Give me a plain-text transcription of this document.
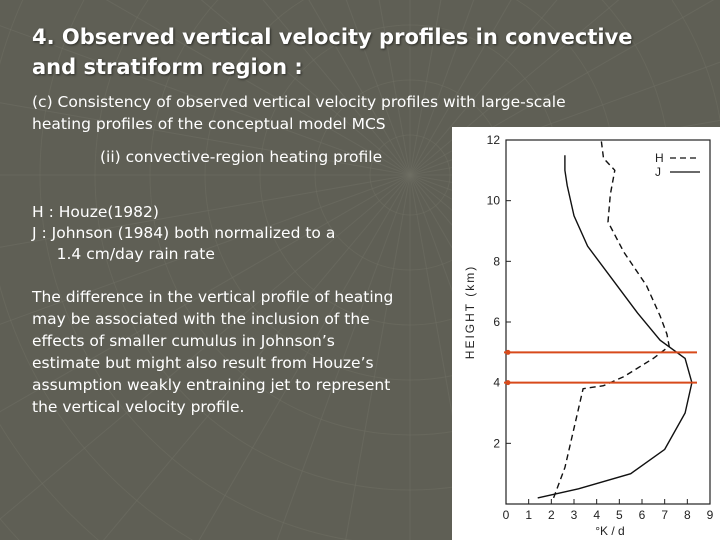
4. Observed vertical velocity profiles in convective
and stratiform region :
(c) Consistency of observed vertical velocity profiles with large-scale
heating profiles of the conceptual model MCS
(ii) convective-region heating profile
H : Houze(1982)
J : Johnson (1984) both normalized to a
1.4 cm/day rain rate
The difference in the vertical profile of heating
may be associated with the inclusion of the
effects of smaller cumulus in Johnson’s
estimate but might also result from Houze’s
assumption weakly entraining jet to represent
the vertical velocity profile.
0 1 2 3 4 5 6 7 8 9
2
4
6
8
10
12
°K / d
HEIGHT (km)
H
J
